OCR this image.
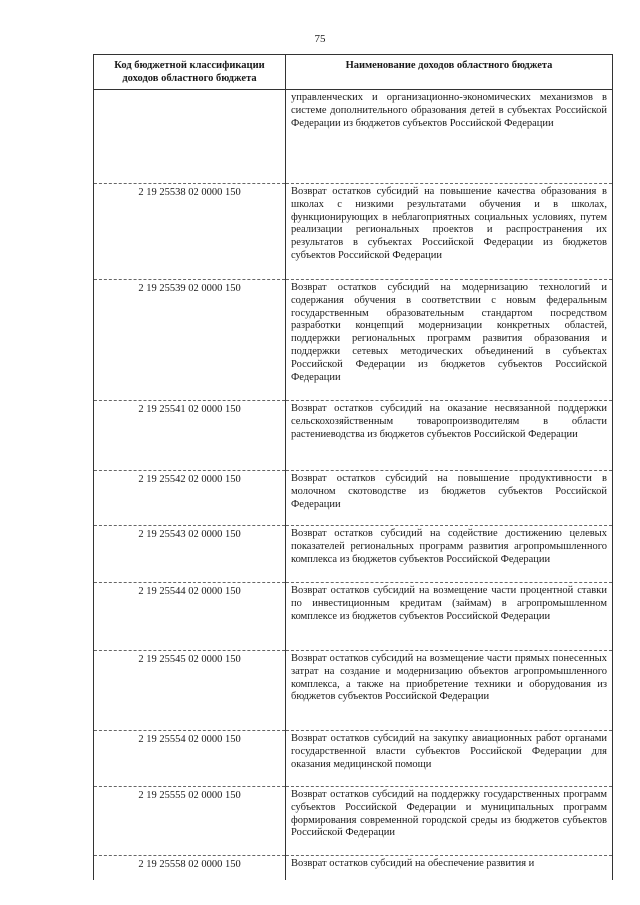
75
Код бюджетной классификации доходов областного бюджета	Наименование доходов областного бюджета
	управленческих и организационно-экономических механизмов в системе дополнительного образования детей в субъектах Российской Федерации из бюджетов субъектов Российской Федерации
2 19 25538 02 0000 150	Возврат остатков субсидий на повышение качества образования в школах с низкими результатами обучения и в школах, функционирующих в неблагоприятных социальных условиях, путем реализации региональных проектов и распространения их результатов в субъектах Российской Федерации из бюджетов субъектов Российской Федерации
2 19 25539 02 0000 150	Возврат остатков субсидий на модернизацию технологий и содержания обучения в соответствии с новым федеральным государственным образовательным стандартом посредством разработки концепций модернизации конкретных областей, поддержки региональных программ развития образования и поддержки сетевых методических объединений в субъектах Российской Федерации из бюджетов субъектов Российской Федерации
2 19 25541 02 0000 150	Возврат остатков субсидий на оказание несвязанной поддержки сельскохозяйственным товаропроизводителям в области растениеводства из бюджетов субъектов Российской Федерации
2 19 25542 02 0000 150	Возврат остатков субсидий на повышение продуктивности в молочном скотоводстве из бюджетов субъектов Российской Федерации
2 19 25543 02 0000 150	Возврат остатков субсидий на содействие достижению целевых показателей региональных программ развития агропромышленного комплекса из бюджетов субъектов Российской Федерации
2 19 25544 02 0000 150	Возврат остатков субсидий на возмещение части процентной ставки по инвестиционным кредитам (займам) в агропромышленном комплексе из бюджетов субъектов Российской Федерации
2 19 25545 02 0000 150	Возврат остатков субсидий на возмещение части прямых понесенных затрат на создание и модернизацию объектов агропромышленного комплекса, а также на приобретение техники и оборудования из бюджетов субъектов Российской Федерации
2 19 25554 02 0000 150	Возврат остатков субсидий на закупку авиационных работ органами государственной власти субъектов Российской Федерации для оказания медицинской помощи
2 19 25555 02 0000 150	Возврат остатков субсидий на поддержку государственных программ субъектов Российской Федерации и муниципальных программ формирования современной городской среды из бюджетов субъектов Российской Федерации
2 19 25558 02 0000 150	Возврат остатков субсидий на обеспечение развития и
